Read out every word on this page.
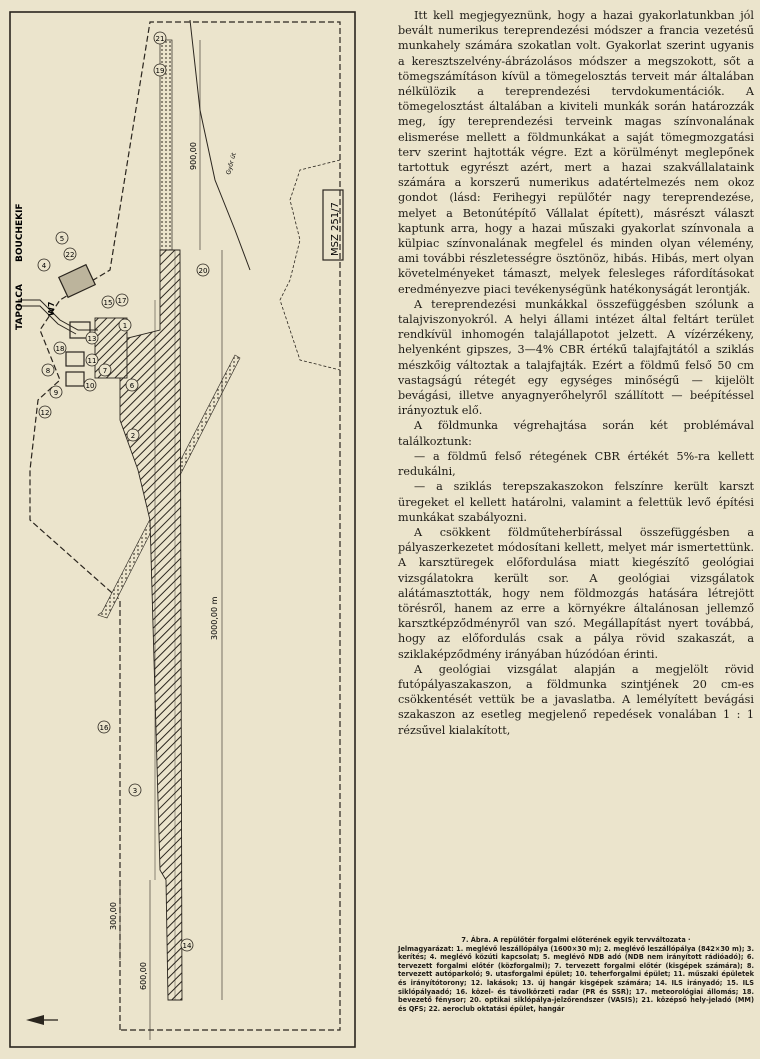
TAPOLCA
BOUCHEKIF	MSZ 251/7
Győr út
3000,00 m
900,00
300,00
600,00
W7
1
2
3
4
5
6
7
8
9
10
11
12
13
14
15
16
17
18
19
20
21
22

Itt kell megjegyeznünk, hogy a hazai gyakorlatunkban jól bevált numerikus tereprendezési módszer a francia vezetésű munkahely számára szokatlan volt. Gyakorlat szerint ugyanis a keresztszelvény-ábrázolásos módszer a megszokott, sőt a tömegszámításon kívül a tömegelosztás terveit már általában nélkülözik a tereprendezési tervdokumentációk. A tömegelosztást általában a kiviteli munkák során határozzák meg, így tereprendezési terveink magas színvonalának elismerése mellett a földmunkákat a saját tömegmozgatási terv szerint hajtották végre. Ezt a körülményt meglepőnek tartottuk egyrészt azért, mert a hazai szakvállalataink számára a korszerű numerikus adatértelmezés nem okoz gondot (lásd: Ferihegyi repülőtér nagy tereprendezése, melyet a Betonútépítő Vállalat épített), másrészt választ kaptunk arra, hogy a hazai műszaki gyakorlat színvonala a külpiac színvonalának megfelel és minden olyan vélemény, ami további részletességre ösztönöz, hibás. Hibás, mert olyan követelményeket támaszt, melyek felesleges ráfordításokat eredményezve piaci tevékenységünk hatékonyságát lerontják.

A tereprendezési munkákkal összefüggésben szólunk a talajviszonyokról. A helyi állami intézet által feltárt terület rendkívül inhomogén talajállapotot jelzett. A vízérzékeny, helyenként gipszes, 3—4% CBR értékű talajfajtától a sziklás mészkőig változtak a talajfajták. Ezért a földmű felső 50 cm vastagságú rétegét egy egységes minőségű — kijelölt bevágási, illetve anyagnyerőhelyről szállított — beépítéssel irányoztuk elő.

A földmunka végrehajtása során két problémával találkoztunk:

— a földmű felső rétegének CBR értékét 5%-ra kellett redukálni,

— a sziklás terepszakaszokon felszínre került karszt üregeket el kellett határolni, valamint a felettük levő építési munkákat szabályozni.

A csökkent földműteherbírással összefüggésben a pályaszerkezetet módosítani kellett, melyet már ismertettünk. A karsztüregek előfordulása miatt kiegészítő geológiai vizsgálatokra került sor. A geológiai vizsgálatok alátámasztották, hogy nem földmozgás hatására létrejött törésről, hanem az erre a környékre általánosan jellemző karsztképződményről van szó. Megállapítást nyert továbbá, hogy az előfordulás csak a pálya rövid szakaszát, a sziklaképződmény irányában húzódóan érinti.

A geológiai vizsgálat alapján a megjelölt rövid futópályaszakaszon, a földmunka szintjének 20 cm-es csökkentését vettük be a javaslatba. A lemélyített bevágási szakaszon az esetleg megjelenő repedések vonalában 1 : 1 rézsűvel kialakított,

7. Ábra. A repülőtér forgalmi előterének egyik tervváltozata ·
Jelmagyarázat: 1. meglévő leszállópálya (1600×30 m); 2. meglévő leszállópálya (842×30 m); 3. kerítés; 4. meglévő közúti kapcsolat; 5. meglévő NDB adó (NDB nem irányított rádióadó); 6. tervezett forgalmi előtér (közforgalmi); 7. tervezett forgalmi előtér (kisgépek számára); 8. tervezett autóparkoló; 9. utasforgalmi épület; 10. teherforgalmi épület; 11. műszaki épületek és irányítótorony; 12. lakások; 13. új hangár kisgépek számára; 14. ILS irányadó; 15. ILS siklópályaadó; 16. közel- és távolkörzeti radar (PR és SSR); 17. meteorológiai állomás; 18. bevezető fénysor; 20. optikai siklópálya-jelzőrendszer (VASIS); 21. középső hely-jeladó (MM) és QFS; 22. aeroclub oktatási épület, hangár
